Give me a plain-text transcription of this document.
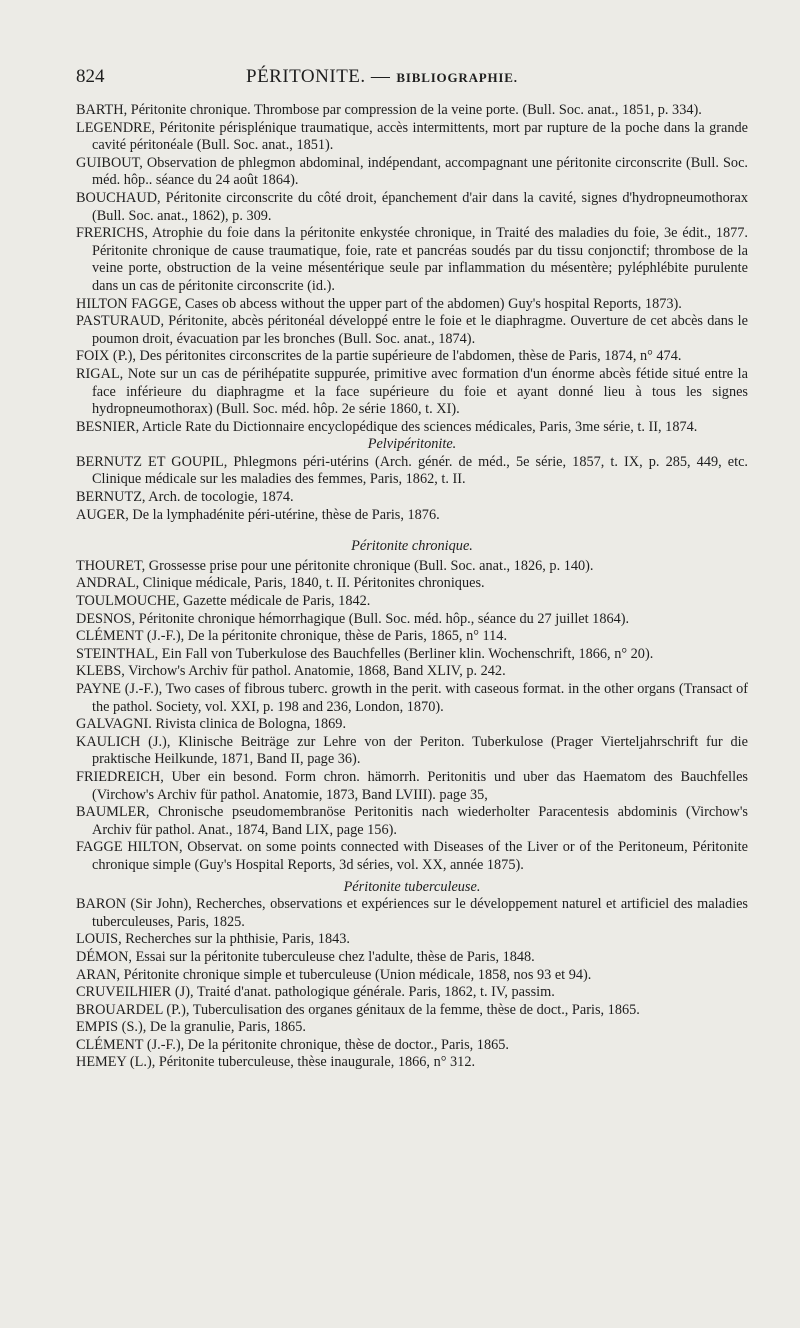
824	PÉRITONITE. — BIBLIOGRAPHIE.
BARTH, Péritonite chronique. Thrombose par compression de la veine porte. (Bull. Soc. anat., 1851, p. 334).
LEGENDRE, Péritonite périsplénique traumatique, accès intermittents, mort par rupture de la poche dans la grande cavité péritonéale (Bull. Soc. anat., 1851).
GUIBOUT, Observation de phlegmon abdominal, indépendant, accompagnant une péritonite circonscrite (Bull. Soc. méd. hôp.. séance du 24 août 1864).
BOUCHAUD, Péritonite circonscrite du côté droit, épanchement d'air dans la cavité, signes d'hydropneumothorax (Bull. Soc. anat., 1862), p. 309.
FRERICHS, Atrophie du foie dans la péritonite enkystée chronique, in Traité des maladies du foie, 3e édit., 1877. Péritonite chronique de cause traumatique, foie, rate et pancréas soudés par du tissu conjonctif; thrombose de la veine porte, obstruction de la veine mésentérique seule par inflammation du mésentère; pyléphlébite purulente dans un cas de péritonite circonscrite (id.).
HILTON FAGGE, Cases ob abcess without the upper part of the abdomen) Guy's hospital Reports, 1873).
PASTURAUD, Péritonite, abcès péritonéal développé entre le foie et le diaphragme. Ouverture de cet abcès dans le poumon droit, évacuation par les bronches (Bull. Soc. anat., 1874).
FOIX (P.), Des péritonites circonscrites de la partie supérieure de l'abdomen, thèse de Paris, 1874, n° 474.
RIGAL, Note sur un cas de périhépatite suppurée, primitive avec formation d'un énorme abcès fétide situé entre la face inférieure du diaphragme et la face supérieure du foie et ayant donné lieu à tous les signes hydropneumothorax) (Bull. Soc. méd. hôp. 2e série 1860, t. XI).
BESNIER, Article Rate du Dictionnaire encyclopédique des sciences médicales, Paris, 3me série, t. II, 1874.
Pelvipéritonite.
BERNUTZ ET GOUPIL, Phlegmons péri-utérins (Arch. génér. de méd., 5e série, 1857, t. IX, p. 285, 449, etc. Clinique médicale sur les maladies des femmes, Paris, 1862, t. II.
BERNUTZ, Arch. de tocologie, 1874.
AUGER, De la lymphadénite péri-utérine, thèse de Paris, 1876.
Péritonite chronique.
THOURET, Grossesse prise pour une péritonite chronique (Bull. Soc. anat., 1826, p. 140).
ANDRAL, Clinique médicale, Paris, 1840, t. II. Péritonites chroniques.
TOULMOUCHE, Gazette médicale de Paris, 1842.
DESNOS, Péritonite chronique hémorrhagique (Bull. Soc. méd. hôp., séance du 27 juillet 1864).
CLÉMENT (J.-F.), De la péritonite chronique, thèse de Paris, 1865, n° 114.
STEINTHAL, Ein Fall von Tuberkulose des Bauchfelles (Berliner klin. Wochenschrift, 1866, n° 20).
KLEBS, Virchow's Archiv für pathol. Anatomie, 1868, Band XLIV, p. 242.
PAYNE (J.-F.), Two cases of fibrous tuberc. growth in the perit. with caseous format. in the other organs (Transact of the pathol. Society, vol. XXI, p. 198 and 236, London, 1870).
GALVAGNI. Rivista clinica de Bologna, 1869.
KAULICH (J.), Klinische Beiträge zur Lehre von der Periton. Tuberkulose (Prager Vierteljahrschrift fur die praktische Heilkunde, 1871, Band II, page 36).
FRIEDREICH, Uber ein besond. Form chron. hämorrh. Peritonitis und uber das Haematom des Bauchfelles (Virchow's Archiv für pathol. Anatomie, 1873, Band LVIII). page 35,
BAUMLER, Chronische pseudomembranöse Peritonitis nach wiederholter Paracentesis abdominis (Virchow's Archiv für pathol. Anat., 1874, Band LIX, page 156).
FAGGE HILTON, Observat. on some points connected with Diseases of the Liver or of the Peritoneum, Péritonite chronique simple (Guy's Hospital Reports, 3d séries, vol. XX, année 1875).
Péritonite tuberculeuse.
BARON (Sir John), Recherches, observations et expériences sur le développement naturel et artificiel des maladies tuberculeuses, Paris, 1825.
LOUIS, Recherches sur la phthisie, Paris, 1843.
DÉMON, Essai sur la péritonite tuberculeuse chez l'adulte, thèse de Paris, 1848.
ARAN, Péritonite chronique simple et tuberculeuse (Union médicale, 1858, nos 93 et 94).
CRUVEILHIER (J), Traité d'anat. pathologique générale. Paris, 1862, t. IV, passim.
BROUARDEL (P.), Tuberculisation des organes génitaux de la femme, thèse de doct., Paris, 1865.
EMPIS (S.), De la granulie, Paris, 1865.
CLÉMENT (J.-F.), De la péritonite chronique, thèse de doctor., Paris, 1865.
HEMEY (L.), Péritonite tuberculeuse, thèse inaugurale, 1866, n° 312.
